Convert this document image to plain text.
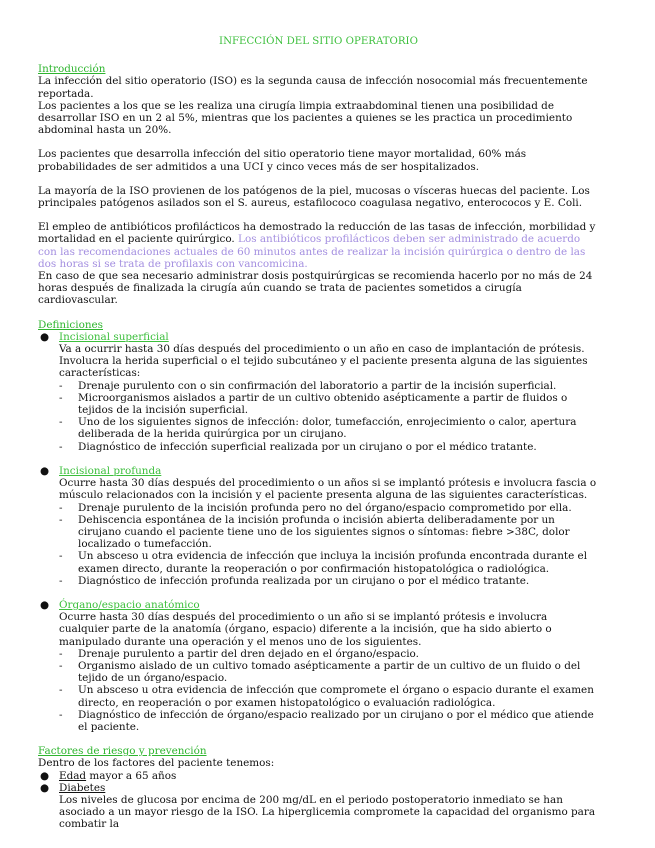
INFECCIÓN DEL SITIO OPERATORIO
Introducción

La infección del sitio operatorio (ISO) es la segunda causa de infección nosocomial más frecuentemente reportada.

Los pacientes a los que se les realiza una cirugía limpia extraabdominal tienen una posibilidad de desarrollar ISO en un 2 al 5%, mientras que los pacientes a quienes se les practica un procedimiento abdominal hasta un 20%.

Los pacientes que desarrolla infección del sitio operatorio tiene mayor mortalidad, 60% más probabilidades de ser admitidos a una UCI y cinco veces más de ser hospitalizados.

La mayoría de la ISO provienen de los patógenos de la piel, mucosas o vísceras huecas del paciente. Los principales patógenos asilados son el S. aureus, estafilococo coagulasa negativo, enterococos y E. Coli.

El empleo de antibióticos profilácticos ha demostrado la reducción de las tasas de infección, morbilidad y mortalidad en el paciente quirúrgico. Los antibióticos profilácticos deben ser administrado de acuerdo con las recomendaciones actuales de 60 minutos antes de realizar la incisión quirúrgica o dentro de las dos horas si se trata de profilaxis con vancomicina.

En caso de que sea necesario administrar dosis postquirúrgicas se recomienda hacerlo por no más de 24 horas después de finalizada la cirugía aún cuando se trata de pacientes sometidos a cirugía cardiovascular.

Definiciones
● Incisional superficial

Va a ocurrir hasta 30 días después del procedimiento o un año en caso de implantación de prótesis. Involucra la herida superficial o el tejido subcutáneo y el paciente presenta alguna de las siguientes características:

- Drenaje purulento con o sin confirmación del laboratorio a partir de la incisión superficial.
- Microorganismos aislados a partir de un cultivo obtenido asépticamente a partir de fluidos o tejidos de la incisión superficial.
- Uno de los siguientes signos de infección: dolor, tumefacción, enrojecimiento o calor, apertura deliberada de la herida quirúrgica por un cirujano.
- Diagnóstico de infección superficial realizada por un cirujano o por el médico tratante.
● Incisional profunda

Ocurre hasta 30 días después del procedimiento o un años si se implantó prótesis e involucra fascia o músculo relacionados con la incisión y el paciente presenta alguna de las siguientes características.

- Drenaje purulento de la incisión profunda pero no del órgano/espacio comprometido por ella.
- Dehiscencia espontánea de la incisión profunda o incisión abierta deliberadamente por un cirujano cuando el paciente tiene uno de los siguientes signos o síntomas: fiebre >38C, dolor localizado o tumefacción.
- Un absceso u otra evidencia de infección que incluya la incisión profunda encontrada durante el examen directo, durante la reoperación o por confirmación histopatológica o radiológica.
- Diagnóstico de infección profunda realizada por un cirujano o por el médico tratante.
● Órgano/espacio anatómico

Ocurre hasta 30 días después del procedimiento o un año si se implantó prótesis e involucra cualquier parte de la anatomía (órgano, espacio) diferente a la incisión, que ha sido abierto o manipulado durante una operación y el menos uno de los siguientes.

- Drenaje purulento a partir del dren dejado en el órgano/espacio.
- Organismo aislado de un cultivo tomado asépticamente a partir de un cultivo de un fluido o del tejido de un órgano/espacio.
- Un absceso u otra evidencia de infección que compromete el órgano o espacio durante el examen directo, en reoperación o por examen histopatológico o evaluación radiológica.
- Diagnóstico de infección de órgano/espacio realizado por un cirujano o por el médico que atiende el paciente.
Factores de riesgo y prevención

Dentro de los factores del paciente tenemos:

● Edad mayor a 65 años
● Diabetes

Los niveles de glucosa por encima de 200 mg/dL en el periodo postoperatorio inmediato se han asociado a un mayor riesgo de la ISO. La hiperglicemia compromete la capacidad del organismo para combatir la
